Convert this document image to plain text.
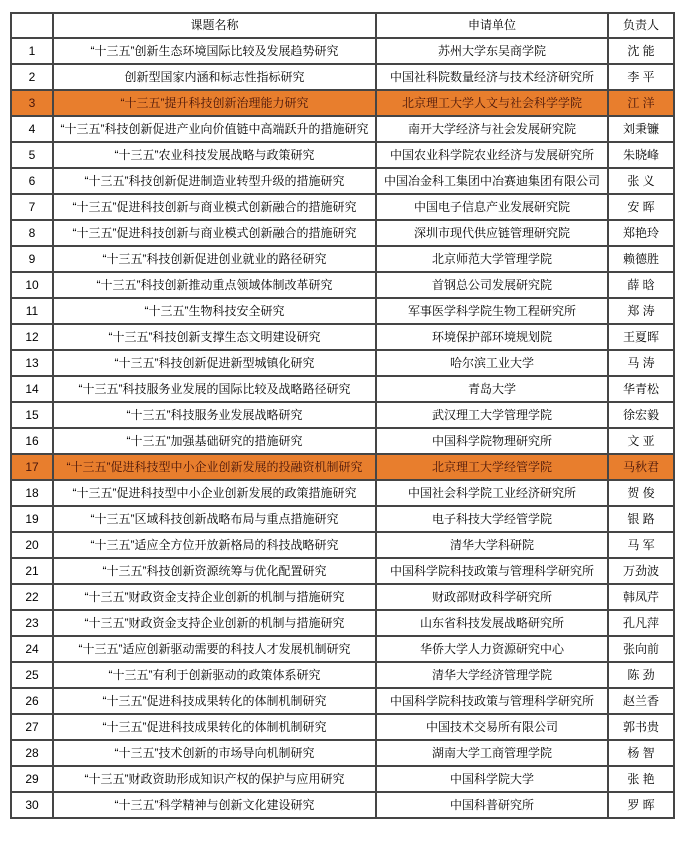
	课题名称	申请单位	负责人
1	“十三五”创新生态环境国际比较及发展趋势研究	苏州大学东吴商学院	沈 能
2	创新型国家内涵和标志性指标研究	中国社科院数量经济与技术经济研究所	李 平
3	“十三五”提升科技创新治理能力研究	北京理工大学人文与社会科学学院	江 洋
4	“十三五”科技创新促进产业向价值链中高端跃升的措施研究	南开大学经济与社会发展研究院	刘秉镰
5	“十三五”农业科技发展战略与政策研究	中国农业科学院农业经济与发展研究所	朱晓峰
6	“十三五”科技创新促进制造业转型升级的措施研究	中国冶金科工集团中冶赛迪集团有限公司	张 义
7	“十三五”促进科技创新与商业模式创新融合的措施研究	中国电子信息产业发展研究院	安 晖
8	“十三五”促进科技创新与商业模式创新融合的措施研究	深圳市现代供应链管理研究院	郑艳玲
9	“十三五”科技创新促进创业就业的路径研究	北京师范大学管理学院	赖德胜
10	“十三五”科技创新推动重点领域体制改革研究	首钢总公司发展研究院	薛 晗
11	“十三五”生物科技安全研究	军事医学科学院生物工程研究所	郑 涛
12	“十三五”科技创新支撑生态文明建设研究	环境保护部环境规划院	王夏晖
13	“十三五”科技创新促进新型城镇化研究	哈尔滨工业大学	马 涛
14	“十三五”科技服务业发展的国际比较及战略路径研究	青岛大学	华青松
15	“十三五”科技服务业发展战略研究	武汉理工大学管理学院	徐宏毅
16	“十三五”加强基础研究的措施研究	中国科学院物理研究所	文 亚
17	“十三五”促进科技型中小企业创新发展的投融资机制研究	北京理工大学经管学院	马秋君
18	“十三五”促进科技型中小企业创新发展的政策措施研究	中国社会科学院工业经济研究所	贺 俊
19	“十三五”区域科技创新战略布局与重点措施研究	电子科技大学经管学院	银 路
20	“十三五”适应全方位开放新格局的科技战略研究	清华大学科研院	马 军
21	“十三五”科技创新资源统筹与优化配置研究	中国科学院科技政策与管理科学研究所	万劲波
22	“十三五”财政资金支持企业创新的机制与措施研究	财政部财政科学研究所	韩凤芹
23	“十三五”财政资金支持企业创新的机制与措施研究	山东省科技发展战略研究所	孔凡萍
24	“十三五”适应创新驱动需要的科技人才发展机制研究	华侨大学人力资源研究中心	张向前
25	“十三五”有利于创新驱动的政策体系研究	清华大学经济管理学院	陈 劲
26	“十三五”促进科技成果转化的体制机制研究	中国科学院科技政策与管理科学研究所	赵兰香
27	“十三五”促进科技成果转化的体制机制研究	中国技术交易所有限公司	郭书贵
28	“十三五”技术创新的市场导向机制研究	湖南大学工商管理学院	杨 智
29	“十三五”财政资助形成知识产权的保护与应用研究	中国科学院大学	张 艳
30	“十三五”科学精神与创新文化建设研究	中国科普研究所	罗 晖
